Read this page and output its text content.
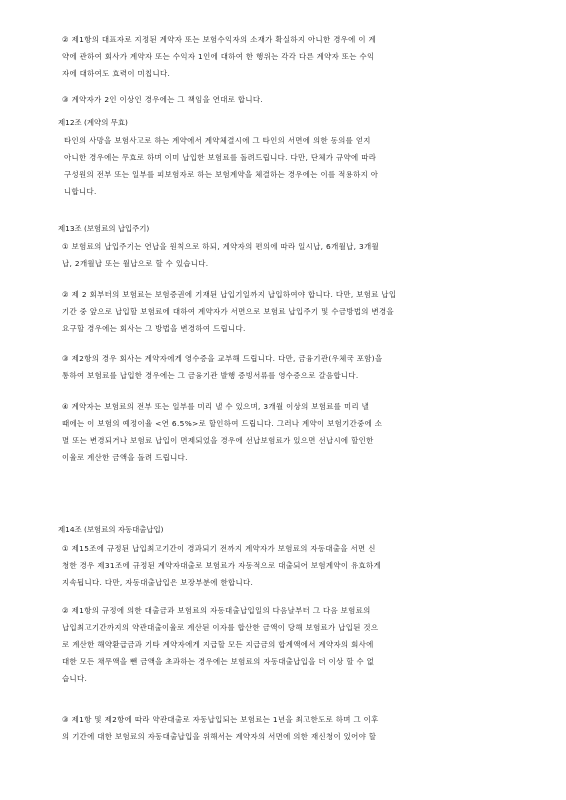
② 제1항의 대표자로 지정된 계약자 또는 보험수익자의 소재가 확실하지 아니한 경우에 이 계
약에 관하여 회사가 계약자 또는 수익자 1인에 대하여 한 행위는 각각 다른 계약자 또는 수익
자에 대하여도 효력이 미칩니다.
③ 계약자가 2인 이상인 경우에는 그 책임을 연대로 합니다.
제12조 (계약의 무효)
타인의 사망을 보험사고로 하는 계약에서 계약체결시에 그 타인의 서면에 의한 동의를 얻지
아니한 경우에는 무효로 하며 이미 납입한 보험료를 돌려드립니다. 다만, 단체가 규약에 따라
구성원의 전부 또는 일부를 피보험자로 하는 보험계약을 체결하는 경우에는 이를 적용하지 아
니합니다.
제13조 (보험료의 납입주기)
① 보험료의 납입주기는 연납을 원칙으로 하되, 계약자의 편의에 따라 일시납, 6개월납, 3개월
납, 2개월납 또는 월납으로 할 수 있습니다.
② 제 2 회부터의 보험료는 보험증권에 기재된 납입기일까지 납입하여야 합니다. 다만, 보험료 납입
기간 중 앞으로 납입할 보험료에 대하여 계약자가 서면으로 보험료 납입주기 및 수금방법의 변경을
요구할 경우에는 회사는 그 방법을 변경하여 드립니다.
③ 제2항의 경우 회사는 계약자에게 영수증을 교부해 드립니다. 다만, 금융기관(우체국 포함)을
통하여 보험료를 납입한 경우에는 그 금융기관 발행 증빙서류를 영수증으로 갈음합니다.
④ 계약자는 보험료의 전부 또는 일부를 미리 낼 수 있으며, 3개월 이상의 보험료를 미리 낼
때에는 이 보험의 예정이율 <연 6.5%>로 할인하여 드립니다. 그러나 계약이 보험기간중에 소
멸 또는 변경되거나 보험료 납입이 면제되었을 경우에 선납보험료가 있으면 선납시에 할인한
이율로 계산한 금액을 돌려 드립니다.
제14조 (보험료의 자동대출납입)
① 제15조에 규정된 납입최고기간이 경과되기 전까지 계약자가 보험료의 자동대출을 서면 신
청한 경우 제31조에 규정된 계약자대출로 보험료가 자동적으로 대출되어 보험계약이 유효하게
지속됩니다. 다만, 자동대출납입은 보장부분에 한합니다.
② 제1항의 규정에 의한 대출금과 보험료의 자동대출납입일의 다음날부터 그 다음 보험료의
납입최고기간까지의 약관대출이율로 계산된 이자를 합산한 금액이 당해 보험료가 납입된 것으
로 계산한 해약환급금과 기타 계약자에게 지급할 모든 지급금의 합계액에서 계약자의 회사에
대한 모든 채무액을 뺀 금액을 초과하는 경우에는 보험료의 자동대출납입을 더 이상 할 수 없
습니다.
③ 제1항 및 제2항에 따라 약관대출로 자동납입되는 보험료는 1년을 최고한도로 하며 그 이후
의 기간에 대한 보험료의 자동대출납입을 위해서는 계약자의 서면에 의한 재신청이 있어야 할
